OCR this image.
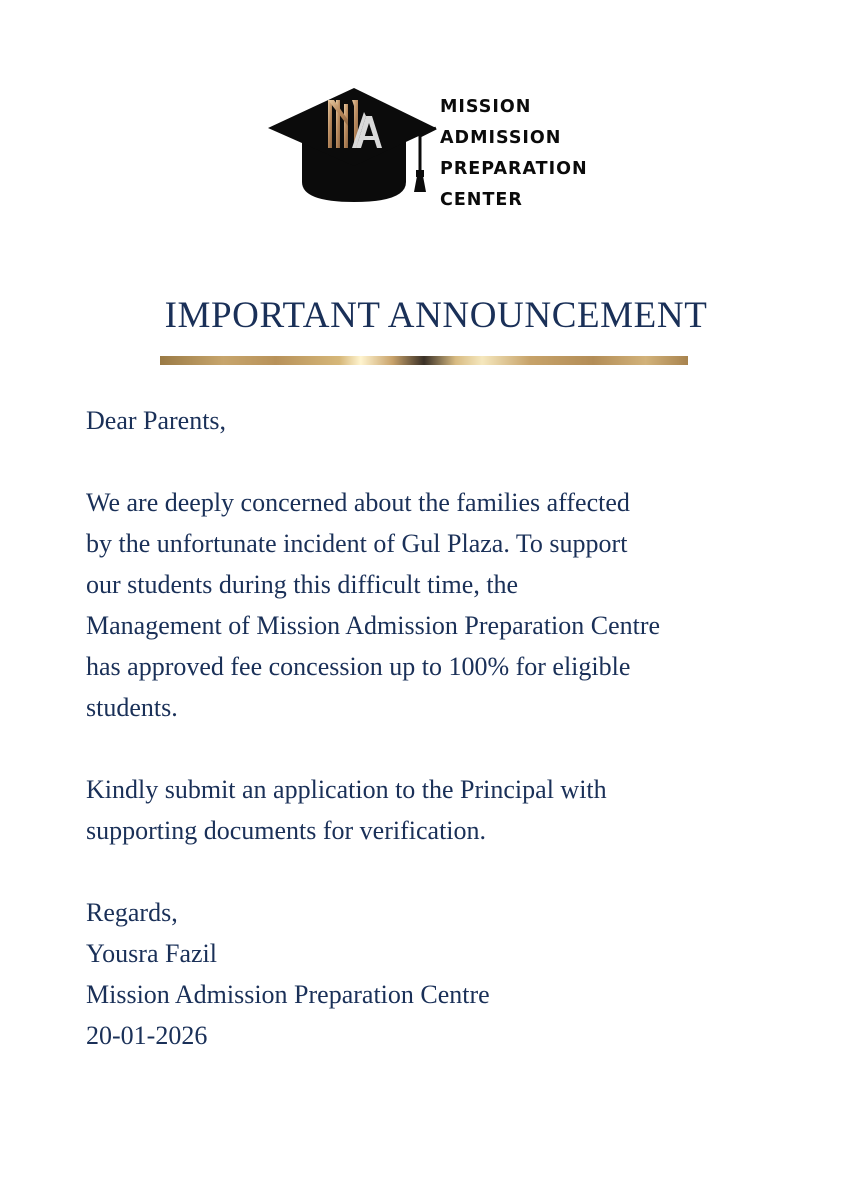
MISSION
ADMISSION
PREPARATION
CENTER
IMPORTANT ANNOUNCEMENT

Dear Parents,

We are deeply concerned about the families affected

by the unfortunate incident of Gul Plaza. To support

our students during this difficult time, the

Management of Mission Admission Preparation Centre

has approved fee concession up to 100% for eligible

students.

Kindly submit an application to the Principal with

supporting documents for verification.

Regards,

Yousra Fazil

Mission Admission Preparation Centre

20-01-2026
